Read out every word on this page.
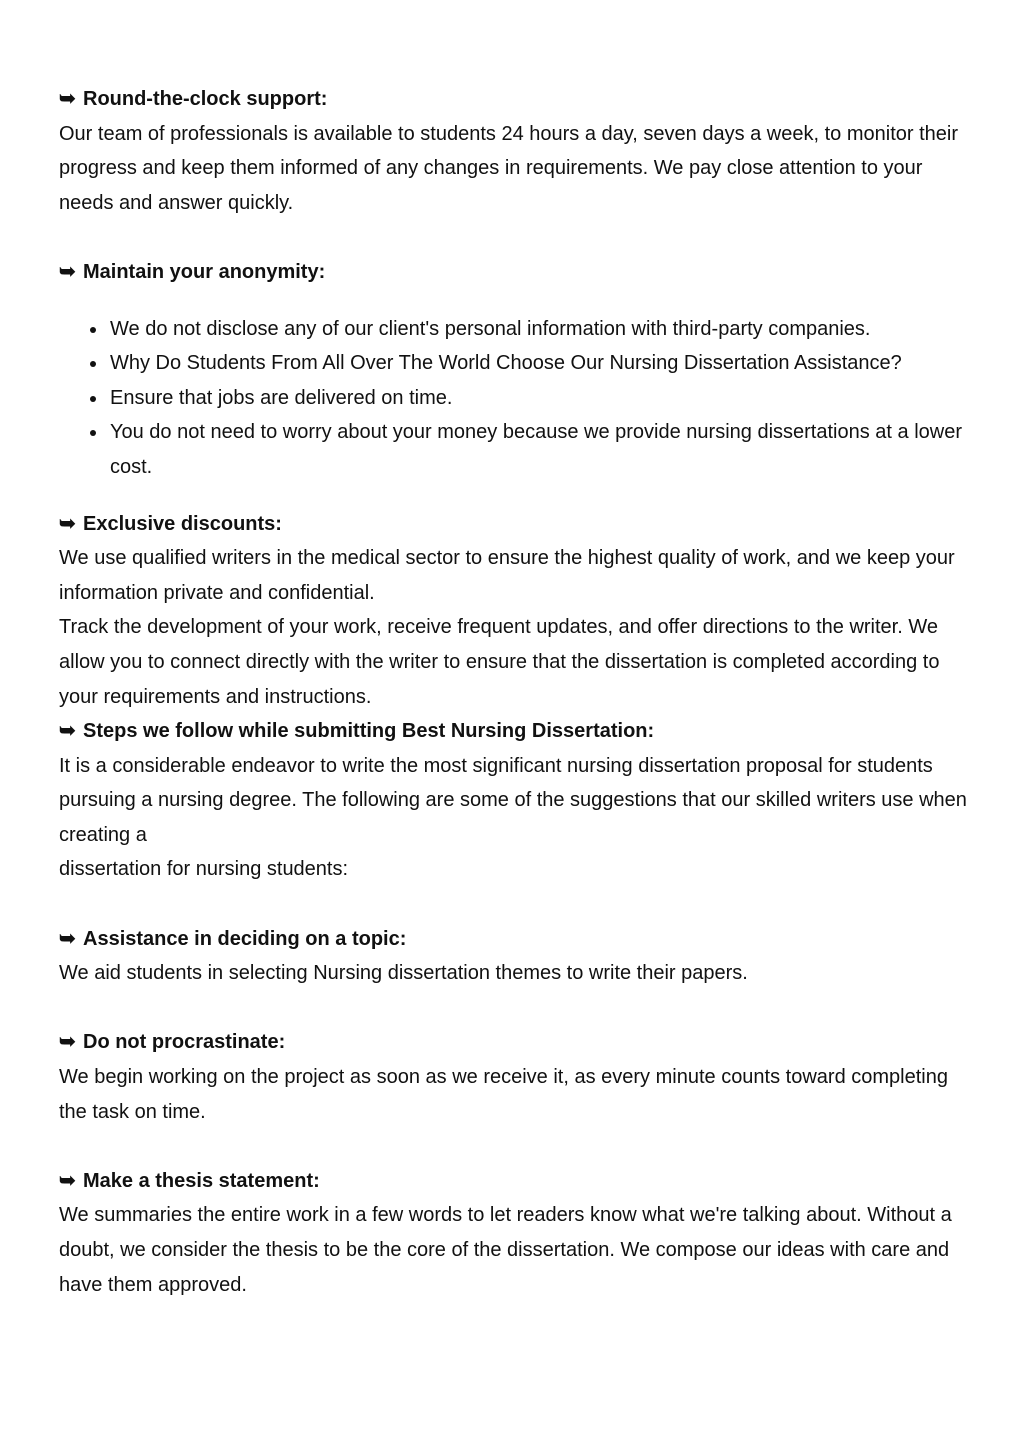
➥ Round-the-clock support:

Our team of professionals is available to students 24 hours a day, seven days a week, to monitor their progress and keep them informed of any changes in requirements. We pay close attention to your needs and answer quickly.

➥ Maintain your anonymity:

We do not disclose any of our client's personal information with third-party companies.
Why Do Students From All Over The World Choose Our Nursing Dissertation Assistance?
Ensure that jobs are delivered on time.
You do not need to worry about your money because we provide nursing dissertations at a lower cost.

➥ Exclusive discounts:

We use qualified writers in the medical sector to ensure the highest quality of work, and we keep your information private and confidential.

Track the development of your work, receive frequent updates, and offer directions to the writer. We allow you to connect directly with the writer to ensure that the dissertation is completed according to your requirements and instructions.

➥ Steps we follow while submitting Best Nursing Dissertation:

It is a considerable endeavor to write the most significant nursing dissertation proposal for students pursuing a nursing degree. The following are some of the suggestions that our skilled writers use when creating a

dissertation for nursing students:

➥ Assistance in deciding on a topic:

We aid students in selecting Nursing dissertation themes to write their papers.

➥ Do not procrastinate:

We begin working on the project as soon as we receive it, as every minute counts toward completing the task on time.

➥ Make a thesis statement:

We summaries the entire work in a few words to let readers know what we're talking about. Without a doubt, we consider the thesis to be the core of the dissertation. We compose our ideas with care and have them approved.
